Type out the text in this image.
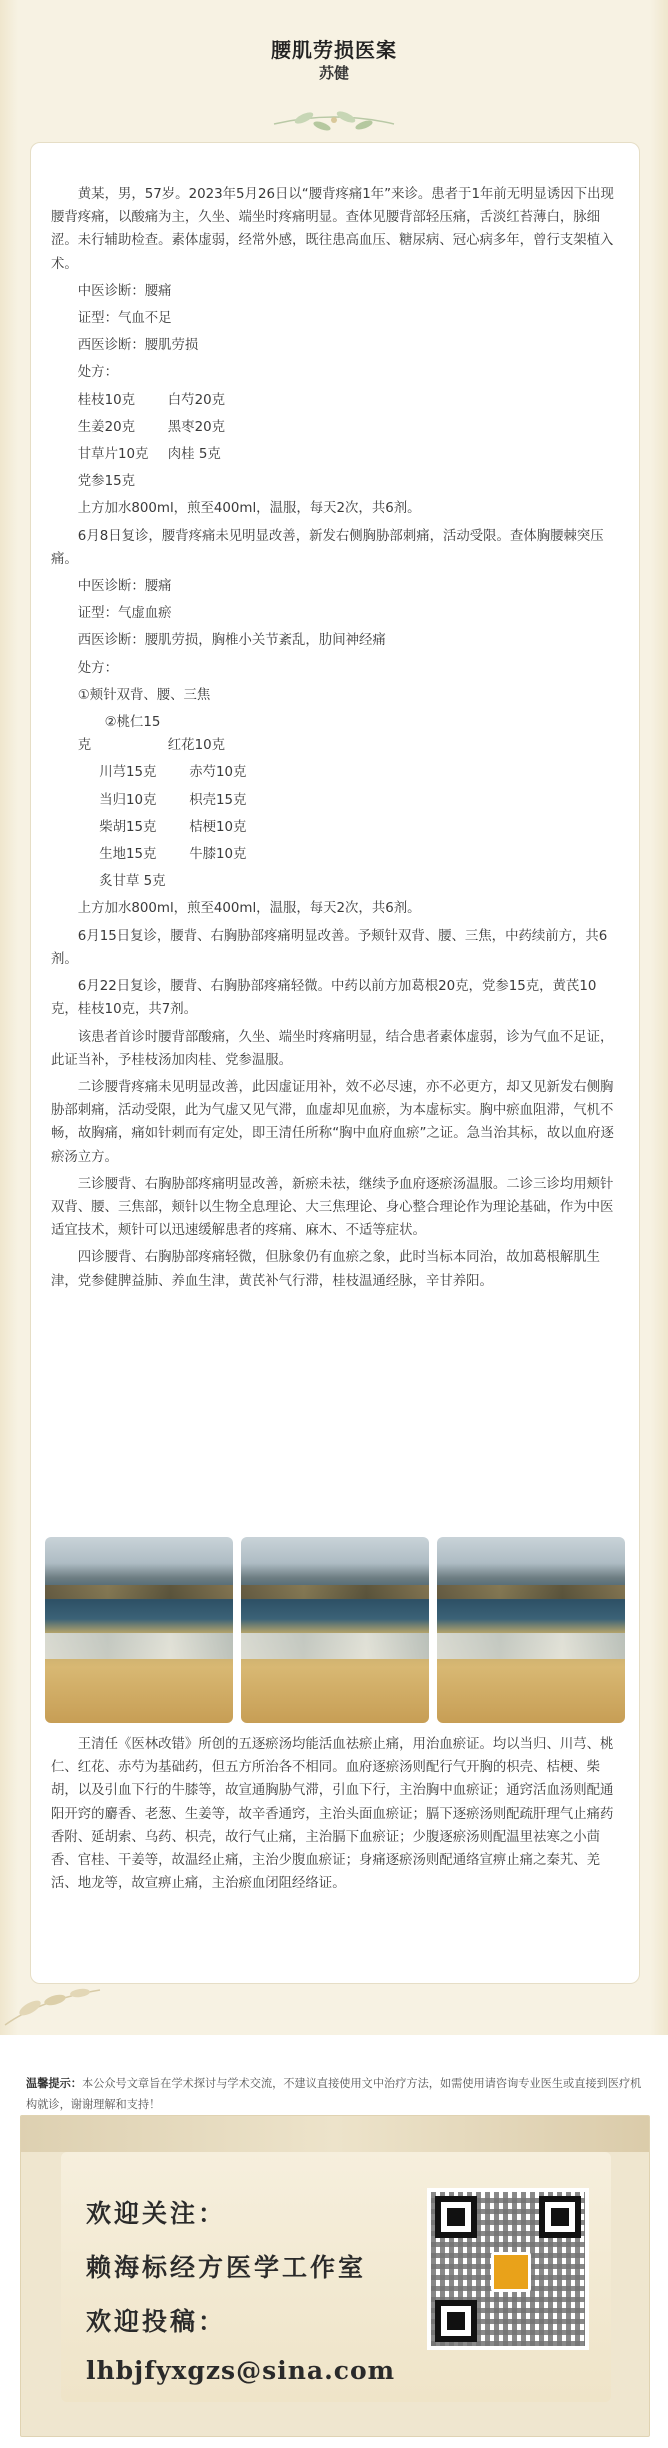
腰肌劳损医案
苏健

黄某，男，57岁。2023年5月26日以“腰背疼痛1年”来诊。患者于1年前无明显诱因下出现腰背疼痛，以酸痛为主，久坐、端坐时疼痛明显。查体见腰背部轻压痛，舌淡红苔薄白，脉细涩。未行辅助检查。素体虚弱，经常外感，既往患高血压、糖尿病、冠心病多年，曾行支架植入术。

中医诊断：腰痛

证型：气血不足

西医诊断：腰肌劳损

处方：

桂枝10克 白芍20克

生姜20克 黑枣20克

甘草片10克 肉桂 5克

党参15克

上方加水800ml，煎至400ml，温服，每天2次，共6剂。

6月8日复诊，腰背疼痛未见明显改善，新发右侧胸胁部刺痛，活动受限。查体胸腰棘突压痛。

中医诊断：腰痛

证型：气虚血瘀

西医诊断：腰肌劳损，胸椎小关节紊乱，肋间神经痛

处方：

①颊针双背、腰、三焦

②桃仁15克	红花10克

川芎15克 赤芍10克

当归10克 枳壳15克

柴胡15克 桔梗10克

生地15克 牛膝10克

炙甘草 5克

上方加水800ml，煎至400ml，温服，每天2次，共6剂。

6月15日复诊，腰背、右胸胁部疼痛明显改善。予颊针双背、腰、三焦，中药续前方，共6剂。

6月22日复诊，腰背、右胸胁部疼痛轻微。中药以前方加葛根20克，党参15克，黄芪10克，桂枝10克，共7剂。

该患者首诊时腰背部酸痛，久坐、端坐时疼痛明显，结合患者素体虚弱，诊为气血不足证，此证当补，予桂枝汤加肉桂、党参温服。

二诊腰背疼痛未见明显改善，此因虚证用补，效不必尽速，亦不必更方，却又见新发右侧胸胁部刺痛，活动受限，此为气虚又见气滞，血虚却见血瘀，为本虚标实。胸中瘀血阻滞，气机不畅，故胸痛，痛如针刺而有定处，即王清任所称“胸中血府血瘀”之证。急当治其标，故以血府逐瘀汤立方。

三诊腰背、右胸胁部疼痛明显改善，新瘀未祛，继续予血府逐瘀汤温服。二诊三诊均用颊针双背、腰、三焦部，颊针以生物全息理论、大三焦理论、身心整合理论作为理论基础，作为中医适宜技术，颊针可以迅速缓解患者的疼痛、麻木、不适等症状。

四诊腰背、右胸胁部疼痛轻微，但脉象仍有血瘀之象，此时当标本同治，故加葛根解肌生津，党参健脾益肺、养血生津，黄芪补气行滞，桂枝温通经脉，辛甘养阳。

王清任《医林改错》所创的五逐瘀汤均能活血祛瘀止痛，用治血瘀证。均以当归、川芎、桃仁、红花、赤芍为基础药，但五方所治各不相同。血府逐瘀汤则配行气开胸的枳壳、桔梗、柴胡，以及引血下行的牛膝等，故宣通胸胁气滞，引血下行，主治胸中血瘀证；通窍活血汤则配通阳开窍的麝香、老葱、生姜等，故辛香通窍，主治头面血瘀证；膈下逐瘀汤则配疏肝理气止痛药香附、延胡索、乌药、枳壳，故行气止痛，主治膈下血瘀证；少腹逐瘀汤则配温里祛寒之小茴香、官桂、干姜等，故温经止痛，主治少腹血瘀证；身痛逐瘀汤则配通络宣痹止痛之秦艽、羌活、地龙等，故宣痹止痛，主治瘀血闭阻经络证。

温馨提示：本公众号文章旨在学术探讨与学术交流，不建议直接使用文中治疗方法，如需使用请咨询专业医生或直接到医疗机构就诊，谢谢理解和支持！
欢迎关注：
赖海标经方医学工作室
欢迎投稿：
lhbjfyxgzs@sina.com
